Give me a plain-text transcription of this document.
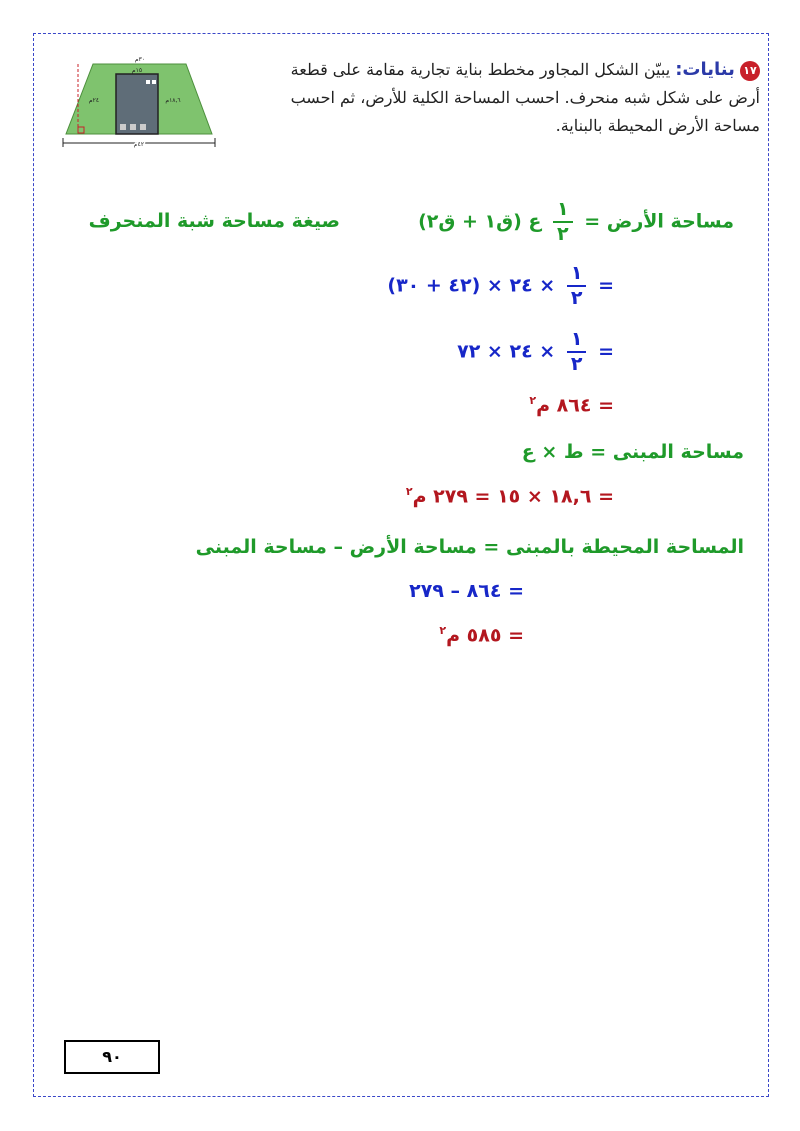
٣٠م
١٥م
٢٤م	١٨,٦م
٤٢م
١٧ بنايات: يبيّن الشكل المجاور مخطط بناية تجارية مقامة على قطعة أرض على شكل شبه منحرف. احسب المساحة الكلية للأرض، ثم احسب مساحة الأرض المحيطة بالبناية.
مساحة الأرض =
$\frac{١}{٢}$
ع (ق١ + ق٢)
صيغة مساحة شبة المنحرف
=
$\frac{١}{٢}$
× ٢٤ × (٤٢ + ٣٠)
=
$\frac{١}{٢}$
× ٢٤ × ٧٢
= ٨٦٤ م$^٢$
مساحة المبنى = ط × ع
= ١٨,٦ × ١٥ = ٢٧٩ م$^٢$
المساحة المحيطة بالمبنى = مساحة الأرض – مساحة المبنى
= ٨٦٤ – ٢٧٩
= ٥٨٥ م$^٢$
٩٠
